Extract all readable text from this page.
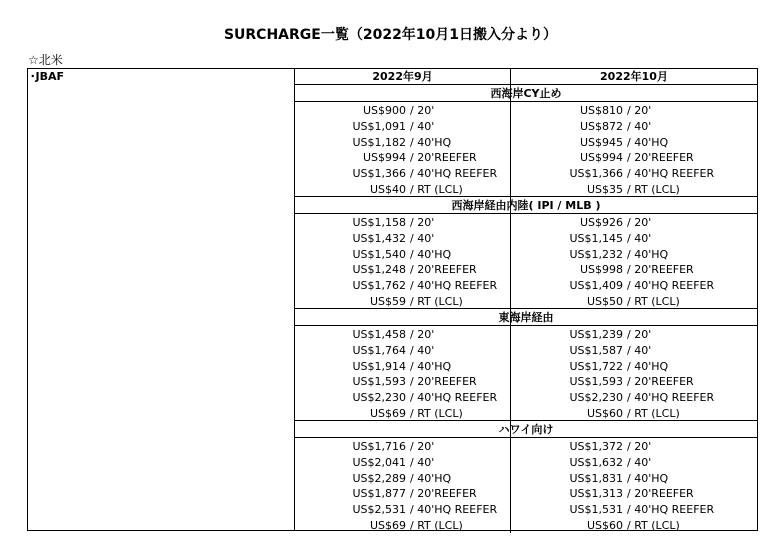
SURCHARGE一覧（2022年10月1日搬入分より）
☆北米
･JBAF	2022年9月	2022年10月
西海岸CY止め
US$900 / 20'	US$810 / 20'
US$1,091 / 40'	US$872 / 40'
US$1,182 / 40'HQ	US$945 / 40'HQ
US$994 / 20'REEFER	US$994 / 20'REEFER
US$1,366 / 40'HQ REEFER	US$1,366 / 40'HQ REEFER
US$40 / RT (LCL)	US$35 / RT (LCL)
西海岸経由内陸( IPI / MLB )
US$1,158 / 20'	US$926 / 20'
US$1,432 / 40'	US$1,145 / 40'
US$1,540 / 40'HQ	US$1,232 / 40'HQ
US$1,248 / 20'REEFER	US$998 / 20'REEFER
US$1,762 / 40'HQ REEFER	US$1,409 / 40'HQ REEFER
US$59 / RT (LCL)	US$50 / RT (LCL)
東海岸経由
US$1,458 / 20'	US$1,239 / 20'
US$1,764 / 40'	US$1,587 / 40'
US$1,914 / 40'HQ	US$1,722 / 40'HQ
US$1,593 / 20'REEFER	US$1,593 / 20'REEFER
US$2,230 / 40'HQ REEFER	US$2,230 / 40'HQ REEFER
US$69 / RT (LCL)	US$60 / RT (LCL)
ハワイ向け
US$1,716 / 20'	US$1,372 / 20'
US$2,041 / 40'	US$1,632 / 40'
US$2,289 / 40'HQ	US$1,831 / 40'HQ
US$1,877 / 20'REEFER	US$1,313 / 20'REEFER
US$2,531 / 40'HQ REEFER	US$1,531 / 40'HQ REEFER
US$69 / RT (LCL)	US$60 / RT (LCL)
